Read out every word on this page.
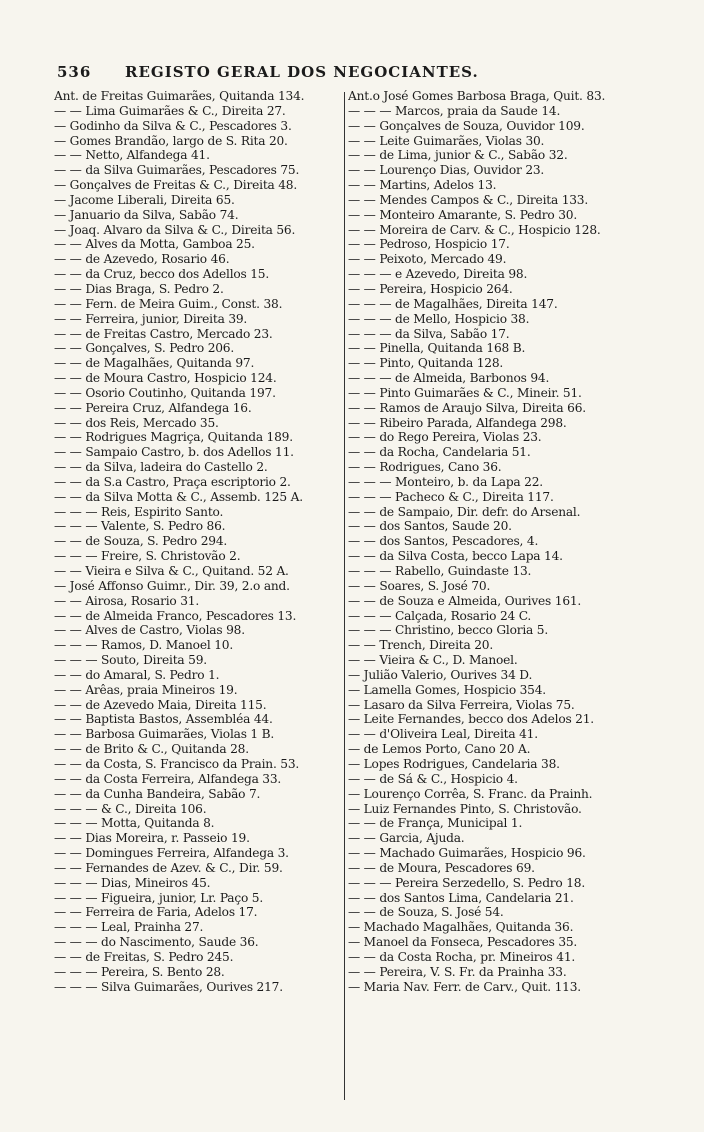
536	REGISTO GERAL DOS NEGOCIANTES.
Ant. de Freitas Guimarães, Quitanda 134.
— — Lima Guimarães & C., Direita 27.
— Godinho da Silva & C., Pescadores 3.
— Gomes Brandão, largo de S. Rita 20.
— — Netto, Alfandega 41.
— — da Silva Guimarães, Pescadores 75.
— Gonçalves de Freitas & C., Direita 48.
— Jacome Liberali, Direita 65.
— Januario da Silva, Sabão 74.
— Joaq. Alvaro da Silva & C., Direita 56.
— — Alves da Motta, Gamboa 25.
— — de Azevedo, Rosario 46.
— — da Cruz, becco dos Adellos 15.
— — Dias Braga, S. Pedro 2.
— — Fern. de Meira Guim., Const. 38.
— — Ferreira, junior, Direita 39.
— — de Freitas Castro, Mercado 23.
— — Gonçalves, S. Pedro 206.
— — de Magalhães, Quitanda 97.
— — de Moura Castro, Hospicio 124.
— — Osorio Coutinho, Quitanda 197.
— — Pereira Cruz, Alfandega 16.
— — dos Reis, Mercado 35.
— — Rodrigues Magriça, Quitanda 189.
— — Sampaio Castro, b. dos Adellos 11.
— — da Silva, ladeira do Castello 2.
— — da S.a Castro, Praça escriptorio 2.
— — da Silva Motta & C., Assemb. 125 A.
— — — Reis, Espirito Santo.
— — — Valente, S. Pedro 86.
— — de Souza, S. Pedro 294.
— — — Freire, S. Christovão 2.
— — Vieira e Silva & C., Quitand. 52 A.
— José Affonso Guimr., Dir. 39, 2.o and.
— — Airosa, Rosario 31.
— — de Almeida Franco, Pescadores 13.
— — Alves de Castro, Violas 98.
— — — Ramos, D. Manoel 10.
— — — Souto, Direita 59.
— — do Amaral, S. Pedro 1.
— — Arêas, praia Mineiros 19.
— — de Azevedo Maia, Direita 115.
— — Baptista Bastos, Assembléa 44.
— — Barbosa Guimarães, Violas 1 B.
— — de Brito & C., Quitanda 28.
— — da Costa, S. Francisco da Prain. 53.
— — da Costa Ferreira, Alfandega 33.
— — da Cunha Bandeira, Sabão 7.
— — — & C., Direita 106.
— — — Motta, Quitanda 8.
— — Dias Moreira, r. Passeio 19.
— — Domingues Ferreira, Alfandega 3.
— — Fernandes de Azev. & C., Dir. 59.
— — — Dias, Mineiros 45.
— — — Figueira, junior, Lr. Paço 5.
— — Ferreira de Faria, Adelos 17.
— — — Leal, Prainha 27.
— — — do Nascimento, Saude 36.
— — de Freitas, S. Pedro 245.
— — — Pereira, S. Bento 28.
— — — Silva Guimarães, Ourives 217.
Ant.o José Gomes Barbosa Braga, Quit. 83.
— — — Marcos, praia da Saude 14.
— — Gonçalves de Souza, Ouvidor 109.
— — Leite Guimarães, Violas 30.
— — de Lima, junior & C., Sabão 32.
— — Lourenço Dias, Ouvidor 23.
— — Martins, Adelos 13.
— — Mendes Campos & C., Direita 133.
— — Monteiro Amarante, S. Pedro 30.
— — Moreira de Carv. & C., Hospicio 128.
— — Pedroso, Hospicio 17.
— — Peixoto, Mercado 49.
— — — e Azevedo, Direita 98.
— — Pereira, Hospicio 264.
— — — de Magalhães, Direita 147.
— — — de Mello, Hospicio 38.
— — — da Silva, Sabão 17.
— — Pinella, Quitanda 168 B.
— — Pinto, Quitanda 128.
— — — de Almeida, Barbonos 94.
— — Pinto Guimarães & C., Mineir. 51.
— — Ramos de Araujo Silva, Direita 66.
— — Ribeiro Parada, Alfandega 298.
— — do Rego Pereira, Violas 23.
— — da Rocha, Candelaria 51.
— — Rodrigues, Cano 36.
— — — Monteiro, b. da Lapa 22.
— — — Pacheco & C., Direita 117.
— — de Sampaio, Dir. defr. do Arsenal.
— — dos Santos, Saude 20.
— — dos Santos, Pescadores, 4.
— — da Silva Costa, becco Lapa 14.
— — — Rabello, Guindaste 13.
— — Soares, S. José 70.
— — de Souza e Almeida, Ourives 161.
— — — Calçada, Rosario 24 C.
— — — Christino, becco Gloria 5.
— — Trench, Direita 20.
— — Vieira & C., D. Manoel.
— Julião Valerio, Ourives 34 D.
— Lamella Gomes, Hospicio 354.
— Lasaro da Silva Ferreira, Violas 75.
— Leite Fernandes, becco dos Adelos 21.
— — d'Oliveira Leal, Direita 41.
— de Lemos Porto, Cano 20 A.
— Lopes Rodrigues, Candelaria 38.
— — de Sá & C., Hospicio 4.
— Lourenço Corrêa, S. Franc. da Prainh.
— Luiz Fernandes Pinto, S. Christovão.
— — de França, Municipal 1.
— — Garcia, Ajuda.
— — Machado Guimarães, Hospicio 96.
— — de Moura, Pescadores 69.
— — — Pereira Serzedello, S. Pedro 18.
— — dos Santos Lima, Candelaria 21.
— — de Souza, S. José 54.
— Machado Magalhães, Quitanda 36.
— Manoel da Fonseca, Pescadores 35.
— — da Costa Rocha, pr. Mineiros 41.
— — Pereira, V. S. Fr. da Prainha 33.
— Maria Nav. Ferr. de Carv., Quit. 113.
